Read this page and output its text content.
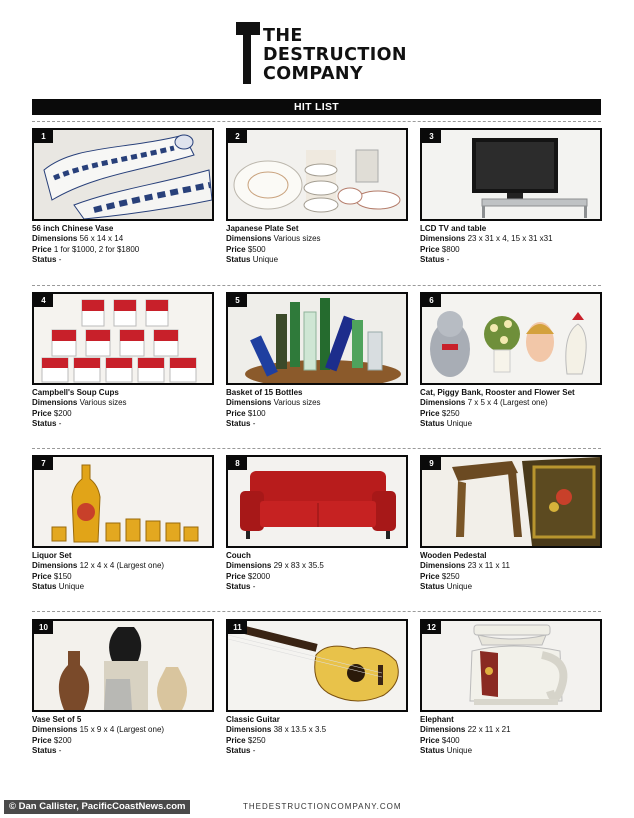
THE
DESTRUCTION
COMPANY
HIT LIST
1
56 inch Chinese Vase
Dimensions 56 x 14 x 14
Price 1 for $1000, 2 for $1800
Status -
2
Japanese Plate Set
Dimensions Various sizes
Price $500
Status Unique
3
LCD TV and table
Dimensions 23 x 31 x 4, 15 x 31 x31
Price $800
Status -
4
Campbell's Soup Cups
Dimensions Various sizes
Price $200
Status -
5
Basket of 15 Bottles
Dimensions Various sizes
Price $100
Status -
6
Cat, Piggy Bank, Rooster and Flower Set
Dimensions 7 x 5 x 4 (Largest one)
Price $250
Status Unique
7
Liquor Set
Dimensions 12 x 4 x 4 (Largest one)
Price $150
Status Unique
8
Couch
Dimensions 29 x 83 x 35.5
Price $2000
Status -
9
Wooden Pedestal
Dimensions 23 x 11 x 11
Price $250
Status Unique
10
Vase Set of 5
Dimensions 15 x 9 x 4 (Largest one)
Price $200
Status -
11
Classic Guitar
Dimensions 38 x 13.5 x 3.5
Price $250
Status -
12
Elephant
Dimensions 22 x 11 x 21
Price $400
Status Unique
© Dan Callister, PacificCoastNews.com	THEDESTRUCTIONCOMPANY.COM
